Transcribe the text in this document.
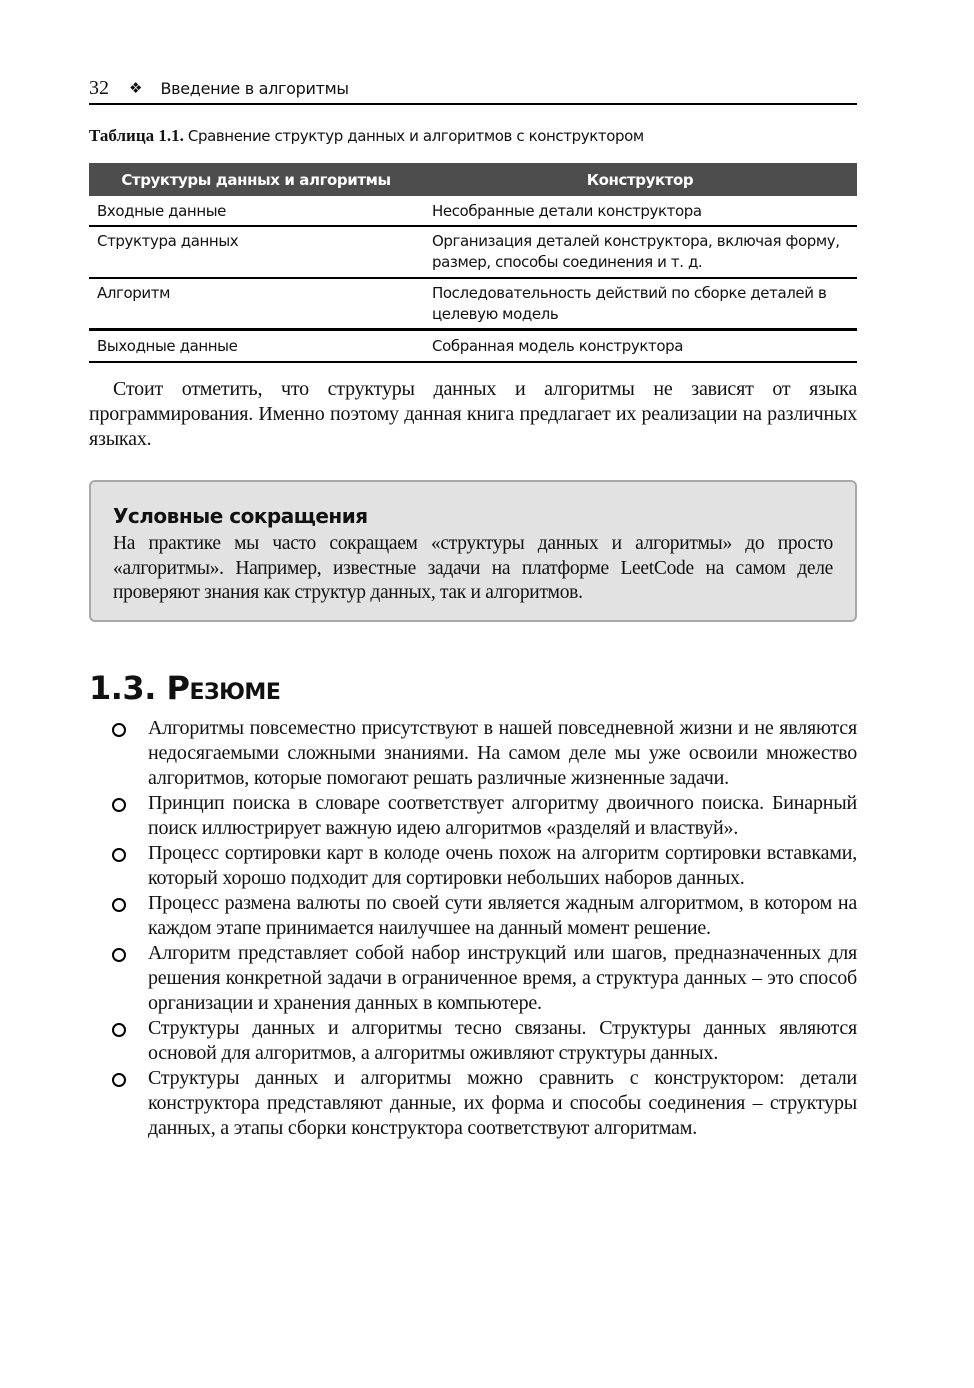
32 ❖ Введение в алгоритмы
Таблица 1.1. Сравнение структур данных и алгоритмов с конструктором
Структуры данных и алгоритмы	Конструктор
Входные данные	Несобранные детали конструктора
Структура данных	Организация деталей конструктора, включая форму, размер, способы соединения и т. д.
Алгоритм	Последовательность действий по сборке деталей в целевую модель
Выходные данные	Собранная модель конструктора

Стоит отметить, что структуры данных и алгоритмы не зависят от языка программирования. Именно поэтому данная книга предлагает их реализации на различных языках.

Условные сокращения
На практике мы часто сокращаем «структуры данных и алгоритмы» до просто «алгоритмы». Например, известные задачи на платформе LeetCode на самом деле проверяют знания как структур данных, так и алгоритмов.
1.3. Резюме
Алгоритмы повсеместно присутствуют в нашей повседневной жизни и не являются недосягаемыми сложными знаниями. На самом деле мы уже освоили множество алгоритмов, которые помогают решать различные жизненные задачи.
Принцип поиска в словаре соответствует алгоритму двоичного поиска. Бинарный поиск иллюстрирует важную идею алгоритмов «разделяй и властвуй».
Процесс сортировки карт в колоде очень похож на алгоритм сортировки вставками, который хорошо подходит для сортировки небольших наборов данных.
Процесс размена валюты по своей сути является жадным алгоритмом, в котором на каждом этапе принимается наилучшее на данный момент решение.
Алгоритм представляет собой набор инструкций или шагов, предназначенных для решения конкретной задачи в ограниченное время, а структура данных – это способ организации и хранения данных в компьютере.
Структуры данных и алгоритмы тесно связаны. Структуры данных являются основой для алгоритмов, а алгоритмы оживляют структуры данных.
Структуры данных и алгоритмы можно сравнить с конструктором: детали конструктора представляют данные, их форма и способы соединения – структуры данных, а этапы сборки конструктора соответствуют алгоритмам.
